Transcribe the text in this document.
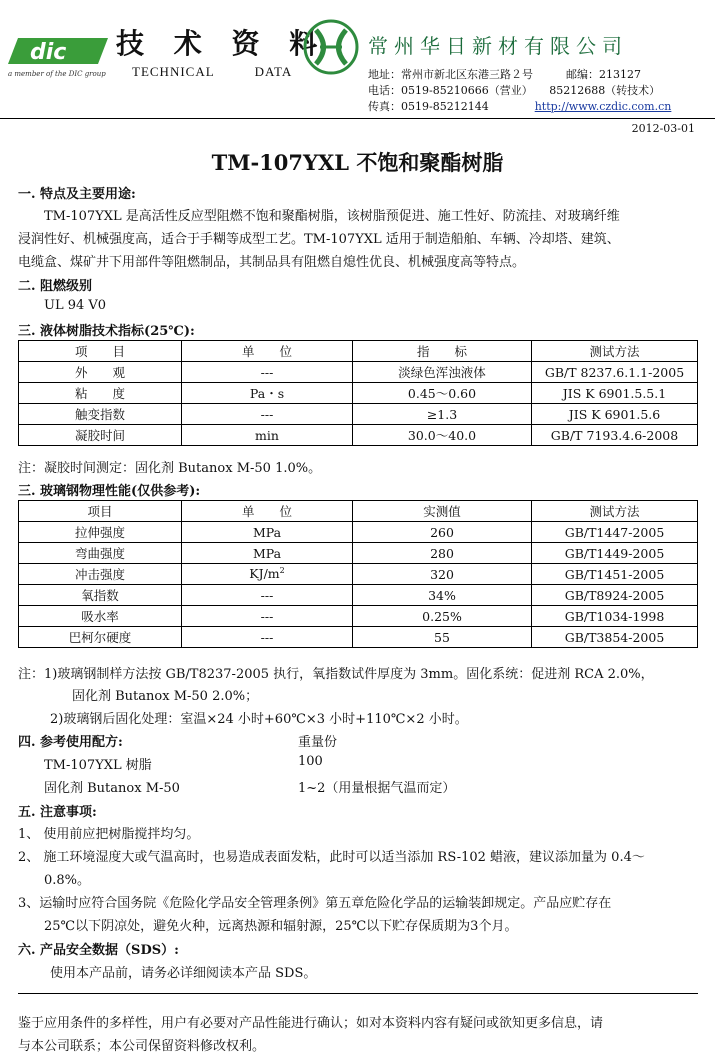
dic
a member of the DIC group
技 术 资 料
TECHNICAL	DATA
常州华日新材有限公司
地址：常州市新北区东港三路２号　　　邮编：213127
电话：0519-85210666（营业）　　85212688（转技术）
传真：0519-85212144	http://www.czdic.com.cn
2012-03-01
TM-107YXL 不饱和聚酯树脂
一. 特点及主要用途:
TM-107YXL 是高活性反应型阻燃不饱和聚酯树脂，该树脂预促进、施工性好、防流挂、对玻璃纤维
浸润性好、机械强度高，适合于手糊等成型工艺。TM-107YXL 适用于制造船舶、车辆、冷却塔、建筑、
电缆盒、煤矿井下用部件等阻燃制品，其制品具有阻燃自熄性优良、机械强度高等特点。
二. 阻燃级别
UL 94 V0
三. 液体树脂技术指标(25℃):
项　　目	单　　位	指　　标	测试方法
外　　观	---	淡绿色浑浊液体	GB/T 8237.6.1.1-2005
粘　　度	Pa・s	0.45～0.60	JIS K 6901.5.5.1
触变指数	---	≥1.3	JIS K 6901.5.6
凝胶时间	min	30.0～40.0	GB/T 7193.4.6-2008
注：凝胶时间测定：固化剂 Butanox M-50 1.0%。
三. 玻璃钢物理性能(仅供参考):
项目	单　　位	实测值	测试方法
拉伸强度	MPa	260	GB/T1447-2005
弯曲强度	MPa	280	GB/T1449-2005
冲击强度	$KJ/m^2$	320	GB/T1451-2005
氧指数	---	34%	GB/T8924-2005
吸水率	---	0.25%	GB/T1034-1998
巴柯尔硬度	---	55	GB/T3854-2005
注：1)玻璃钢制样方法按 GB/T8237-2005 执行，氧指数试件厚度为 3mm。固化系统：促进剂 RCA 2.0%，
固化剂 Butanox M-50 2.0%；
2)玻璃钢后固化处理：室温×24 小时+60℃×3 小时+110℃×2 小时。
四. 参考使用配方:	重量份
TM-107YXL 树脂	100
固化剂 Butanox M-50	1~2（用量根据气温而定）
五. 注意事项:
1、 使用前应把树脂搅拌均匀。
2、 施工环境湿度大或气温高时，也易造成表面发粘，此时可以适当添加 RS-102 蜡液，建议添加量为 0.4～
0.8%。
3、运输时应符合国务院《危险化学品安全管理条例》第五章危险化学品的运输装卸规定。产品应贮存在
25℃以下阴凉处，避免火种，远离热源和辐射源，25℃以下贮存保质期为3个月。
六. 产品安全数据（SDS）:
使用本产品前，请务必详细阅读本产品 SDS。
鉴于应用条件的多样性，用户有必要对产品性能进行确认；如对本资料内容有疑问或欲知更多信息，请
与本公司联系；本公司保留资料修改权利。
